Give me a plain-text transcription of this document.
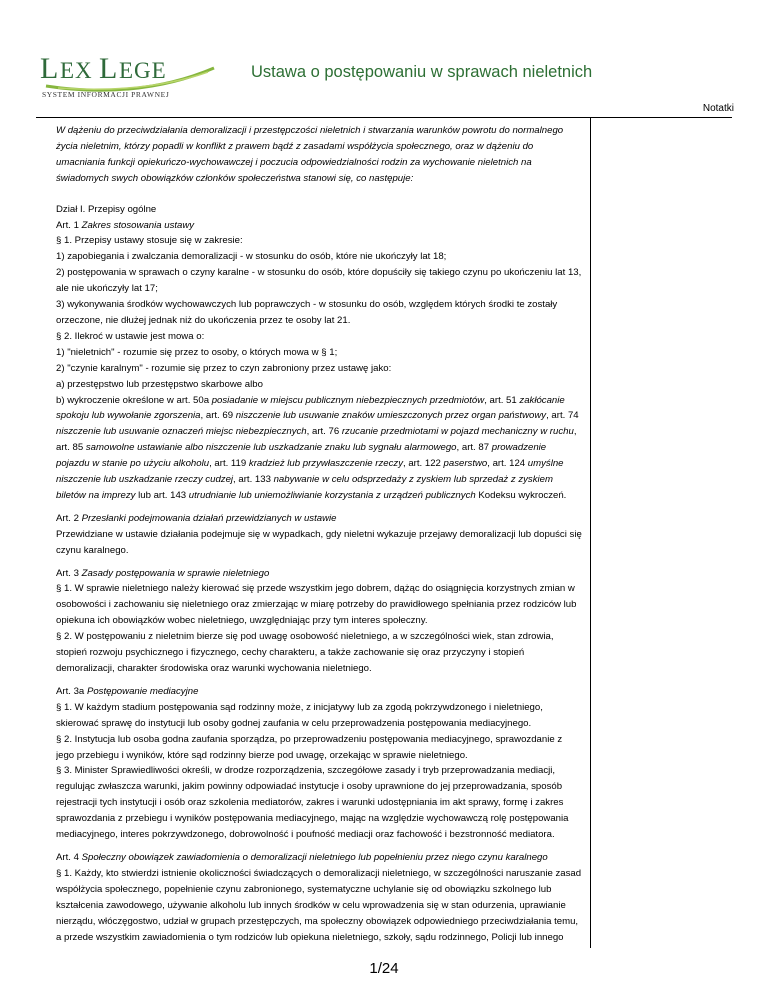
L EX L EGE
SYSTEM INFORMACJI PRAWNEJ
Ustawa o postępowaniu w sprawach nieletnich
Notatki

W dążeniu do przeciwdziałania demoralizacji i przestępczości nieletnich i stwarzania warunków powrotu do normalnego życia nieletnim, którzy popadli w konflikt z prawem bądź z zasadami współżycia społecznego, oraz w dążeniu do umacniania funkcji opiekuńczo-wychowawczej i poczucia odpowiedzialności rodzin za wychowanie nieletnich na świadomych swych obowiązków członków społeczeństwa stanowi się, co następuje:

Dział I. Przepisy ogólne

Art. 1 Zakres stosowania ustawy

§ 1. Przepisy ustawy stosuje się w zakresie:

1) zapobiegania i zwalczania demoralizacji - w stosunku do osób, które nie ukończyły lat 18;

2) postępowania w sprawach o czyny karalne - w stosunku do osób, które dopuściły się takiego czynu po ukończeniu lat 13, ale nie ukończyły lat 17;

3) wykonywania środków wychowawczych lub poprawczych - w stosunku do osób, względem których środki te zostały orzeczone, nie dłużej jednak niż do ukończenia przez te osoby lat 21.

§ 2. Ilekroć w ustawie jest mowa o:

1) "nieletnich" - rozumie się przez to osoby, o których mowa w § 1;

2) "czynie karalnym" - rozumie się przez to czyn zabroniony przez ustawę jako:

a) przestępstwo lub przestępstwo skarbowe albo

b) wykroczenie określone w art. 50a posiadanie w miejscu publicznym niebezpiecznych przedmiotów, art. 51 zakłócanie spokoju lub wywołanie zgorszenia, art. 69 niszczenie lub usuwanie znaków umieszczonych przez organ państwowy, art. 74 niszczenie lub usuwanie oznaczeń miejsc niebezpiecznych, art. 76 rzucanie przedmiotami w pojazd mechaniczny w ruchu, art. 85 samowolne ustawianie albo niszczenie lub uszkadzanie znaku lub sygnału alarmowego, art. 87 prowadzenie pojazdu w stanie po użyciu alkoholu, art. 119 kradzież lub przywłaszczenie rzeczy, art. 122 paserstwo, art. 124 umyślne niszczenie lub uszkadzanie rzeczy cudzej, art. 133 nabywanie w celu odsprzedaży z zyskiem lub sprzedaż z zyskiem biletów na imprezy lub art. 143 utrudnianie lub uniemożliwianie korzystania z urządzeń publicznych Kodeksu wykroczeń.

Art. 2 Przesłanki podejmowania działań przewidzianych w ustawie

Przewidziane w ustawie działania podejmuje się w wypadkach, gdy nieletni wykazuje przejawy demoralizacji lub dopuści się czynu karalnego.

Art. 3 Zasady postępowania w sprawie nieletniego

§ 1. W sprawie nieletniego należy kierować się przede wszystkim jego dobrem, dążąc do osiągnięcia korzystnych zmian w osobowości i zachowaniu się nieletniego oraz zmierzając w miarę potrzeby do prawidłowego spełniania przez rodziców lub opiekuna ich obowiązków wobec nieletniego, uwzględniając przy tym interes społeczny.

§ 2. W postępowaniu z nieletnim bierze się pod uwagę osobowość nieletniego, a w szczególności wiek, stan zdrowia, stopień rozwoju psychicznego i fizycznego, cechy charakteru, a także zachowanie się oraz przyczyny i stopień demoralizacji, charakter środowiska oraz warunki wychowania nieletniego.

Art. 3a Postępowanie mediacyjne

§ 1. W każdym stadium postępowania sąd rodzinny może, z inicjatywy lub za zgodą pokrzywdzonego i nieletniego, skierować sprawę do instytucji lub osoby godnej zaufania w celu przeprowadzenia postępowania mediacyjnego.

§ 2. Instytucja lub osoba godna zaufania sporządza, po przeprowadzeniu postępowania mediacyjnego, sprawozdanie z jego przebiegu i wyników, które sąd rodzinny bierze pod uwagę, orzekając w sprawie nieletniego.

§ 3. Minister Sprawiedliwości określi, w drodze rozporządzenia, szczegółowe zasady i tryb przeprowadzania mediacji, regulując zwłaszcza warunki, jakim powinny odpowiadać instytucje i osoby uprawnione do jej przeprowadzania, sposób rejestracji tych instytucji i osób oraz szkolenia mediatorów, zakres i warunki udostępniania im akt sprawy, formę i zakres sprawozdania z przebiegu i wyników postępowania mediacyjnego, mając na względzie wychowawczą rolę postępowania mediacyjnego, interes pokrzywdzonego, dobrowolność i poufność mediacji oraz fachowość i bezstronność mediatora.

Art. 4 Społeczny obowiązek zawiadomienia o demoralizacji nieletniego lub popełnieniu przez niego czynu karalnego

§ 1. Każdy, kto stwierdzi istnienie okoliczności świadczących o demoralizacji nieletniego, w szczególności naruszanie zasad współżycia społecznego, popełnienie czynu zabronionego, systematyczne uchylanie się od obowiązku szkolnego lub kształcenia zawodowego, używanie alkoholu lub innych środków w celu wprowadzenia się w stan odurzenia, uprawianie nierządu, włóczęgostwo, udział w grupach przestępczych, ma społeczny obowiązek odpowiedniego przeciwdziałania temu, a przede wszystkim zawiadomienia o tym rodziców lub opiekuna nieletniego, szkoły, sądu rodzinnego, Policji lub innego

1/24
